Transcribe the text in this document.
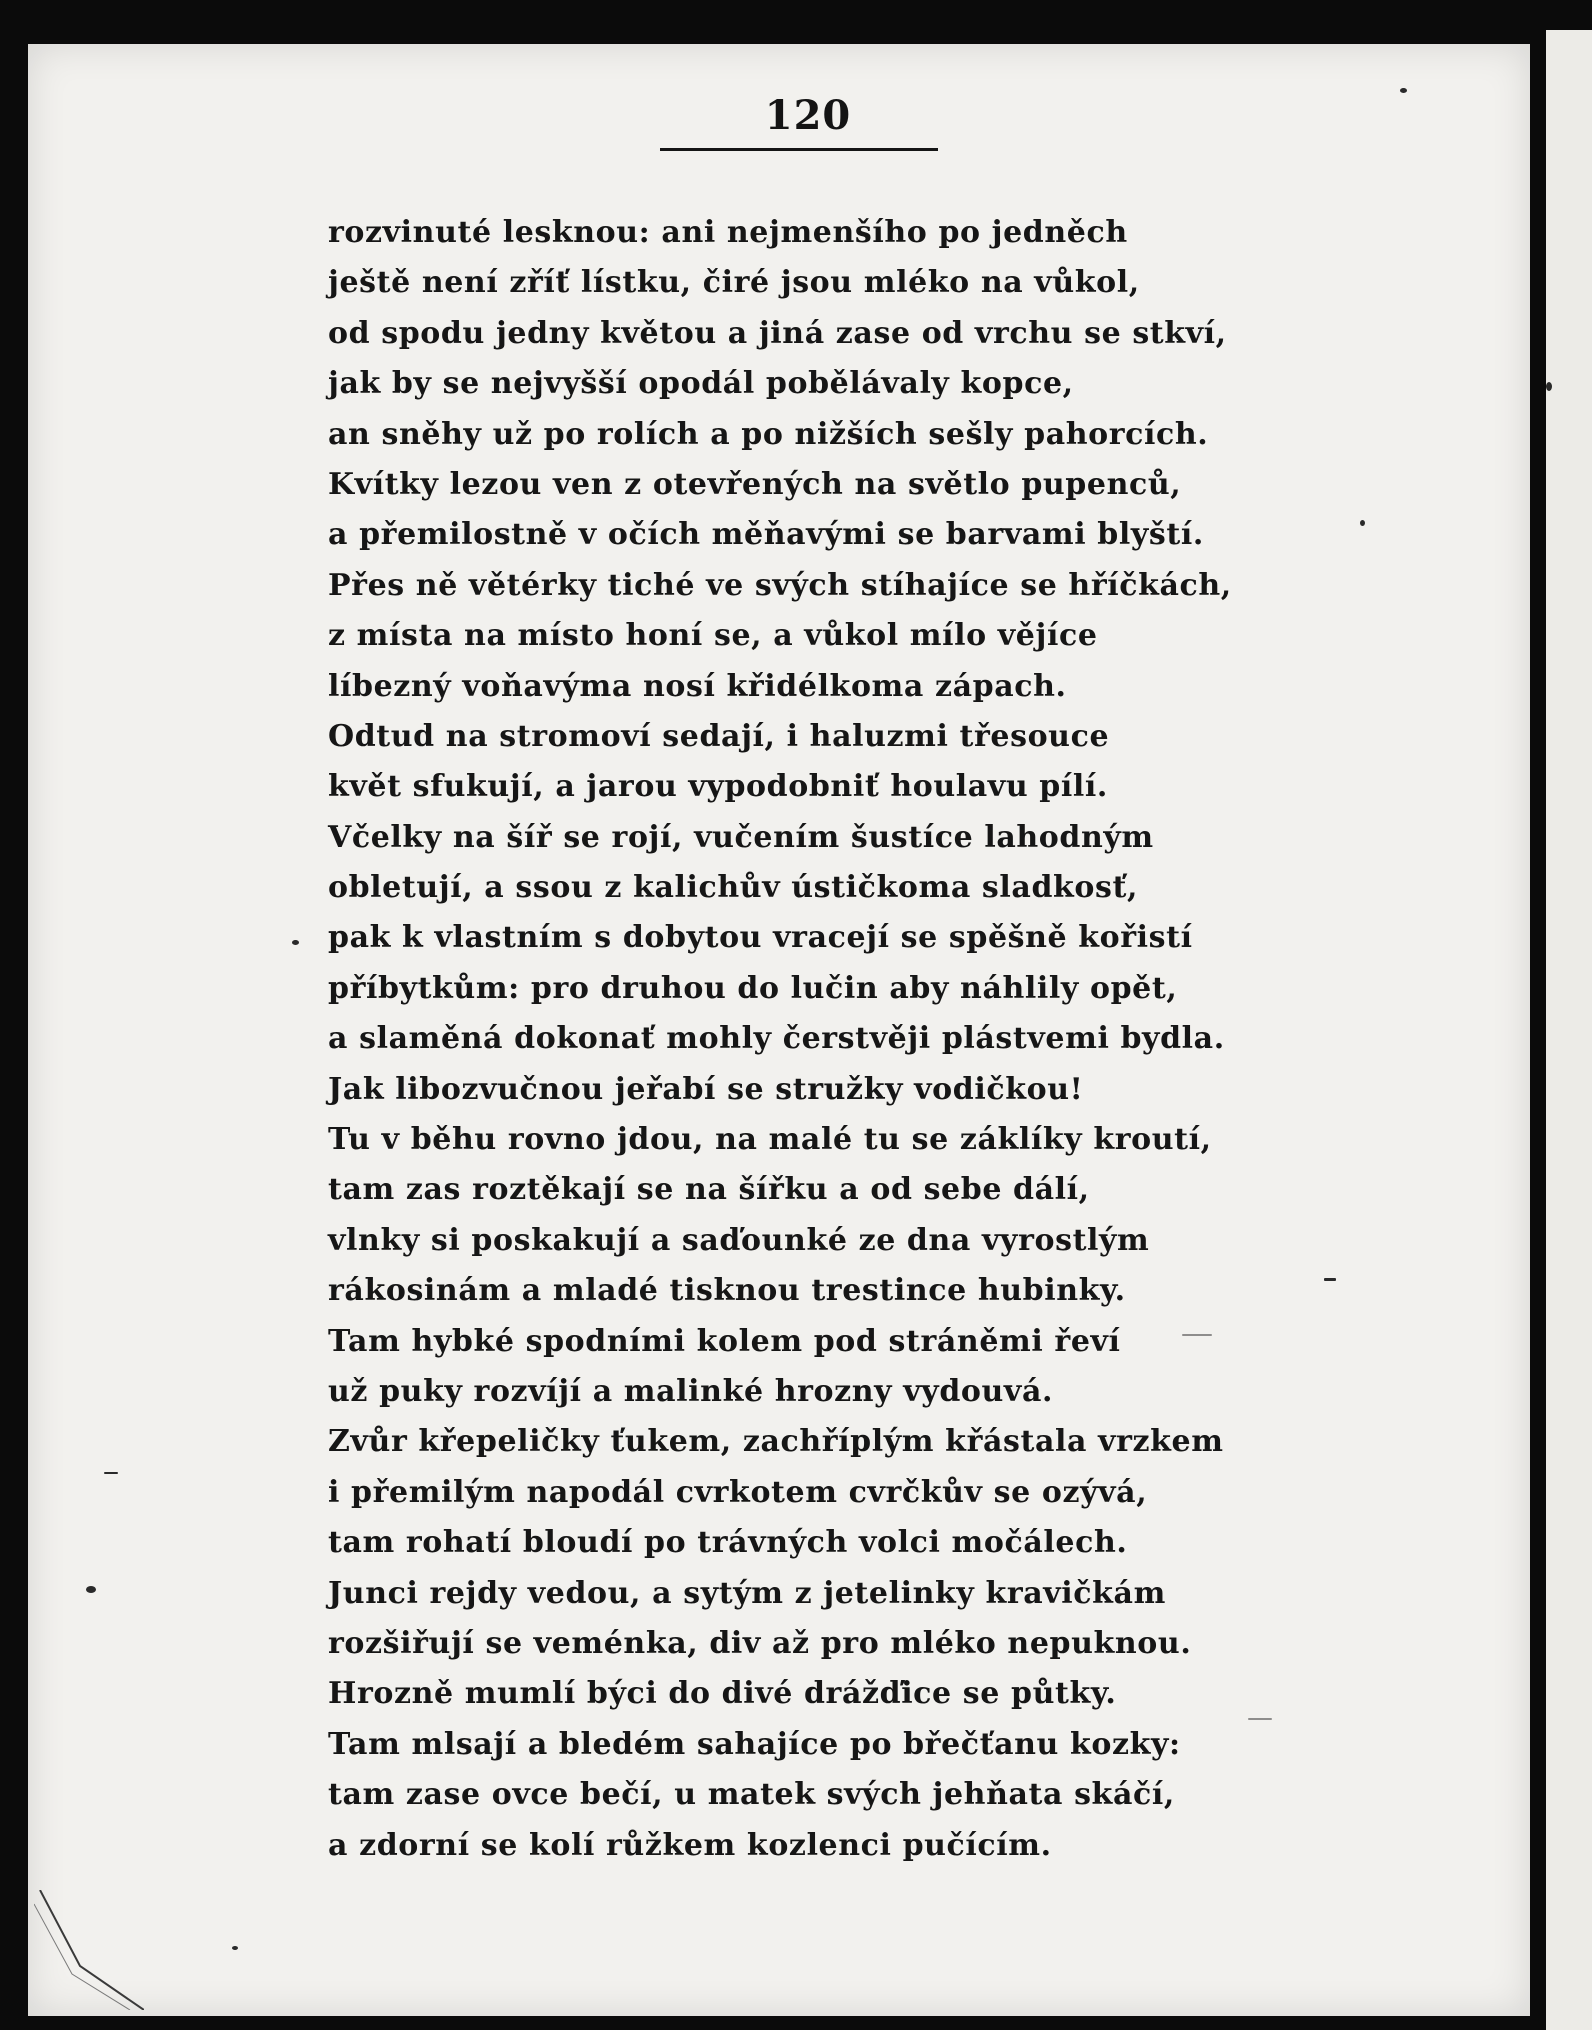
120
rozvinuté lesknou: ani nejmenšího po jedněch
ještě není zříť lístku, čiré jsou mléko na vůkol,
od spodu jedny květou a jiná zase od vrchu se stkví,
jak by se nejvyšší opodál pobělávaly kopce,
an sněhy už po rolích a po nižších sešly pahorcích.
Kvítky lezou ven z otevřených na světlo pupenců,
a přemilostně v očích měňavými se barvami blyští.
Přes ně větérky tiché ve svých stíhajíce se hříčkách,
z místa na místo honí se, a vůkol mílo věјíce
líbezný voňavýma nosí křidélkoma zápach.
Odtud na stromoví sedají, i haluzmi třesouce
květ sfukují, a jarou vypodobniť houlavu pílí.
Včelky na šíř se rojí, vučením šustíce lahodným
obletují, a ssou z kalichův ústičkoma sladkosť,
pak k vlastním s dobytou vracejí se spěšně kořistí
příbytkům: pro druhou do lučin aby náhlily opět,
a slaměná dokonať mohly čerstvěji plástvemi bydla.
Jak libozvučnou jeřabí se stružky vodičkou!
Tu v běhu rovno jdou, na malé tu se záklíky kroutí,
tam zas roztěkají se na šířku a od sebe dálí,
vlnky si poskakují a saďounké ze dna vyrostlým
rákosinám a mladé tisknou trestince hubinky.
Tam hybké spodními kolem pod stráněmi řeví
už puky rozvíjí a malinké hrozny vydouvá.
Zvůr křepeličky ťukem, zachříplým křástala vrzkem
i přemilým napodál cvrkotem cvrčkův se ozývá,
tam rohatí bloudí po trávných volci močálech.
Junci rejdy vedou, a sytým z jetelinky kravičkám
rozšiřují se veménka, div až pro mléko nepuknou.
Hrozně mumlí býci do divé drážďice se půtky.
Tam mlsají a bledém sahajíce po břečťanu kozky:
tam zase ovce bečí, u matek svých jehňata skáčí,
a zdorní se kolí růžkem kozlenci pučícím.
